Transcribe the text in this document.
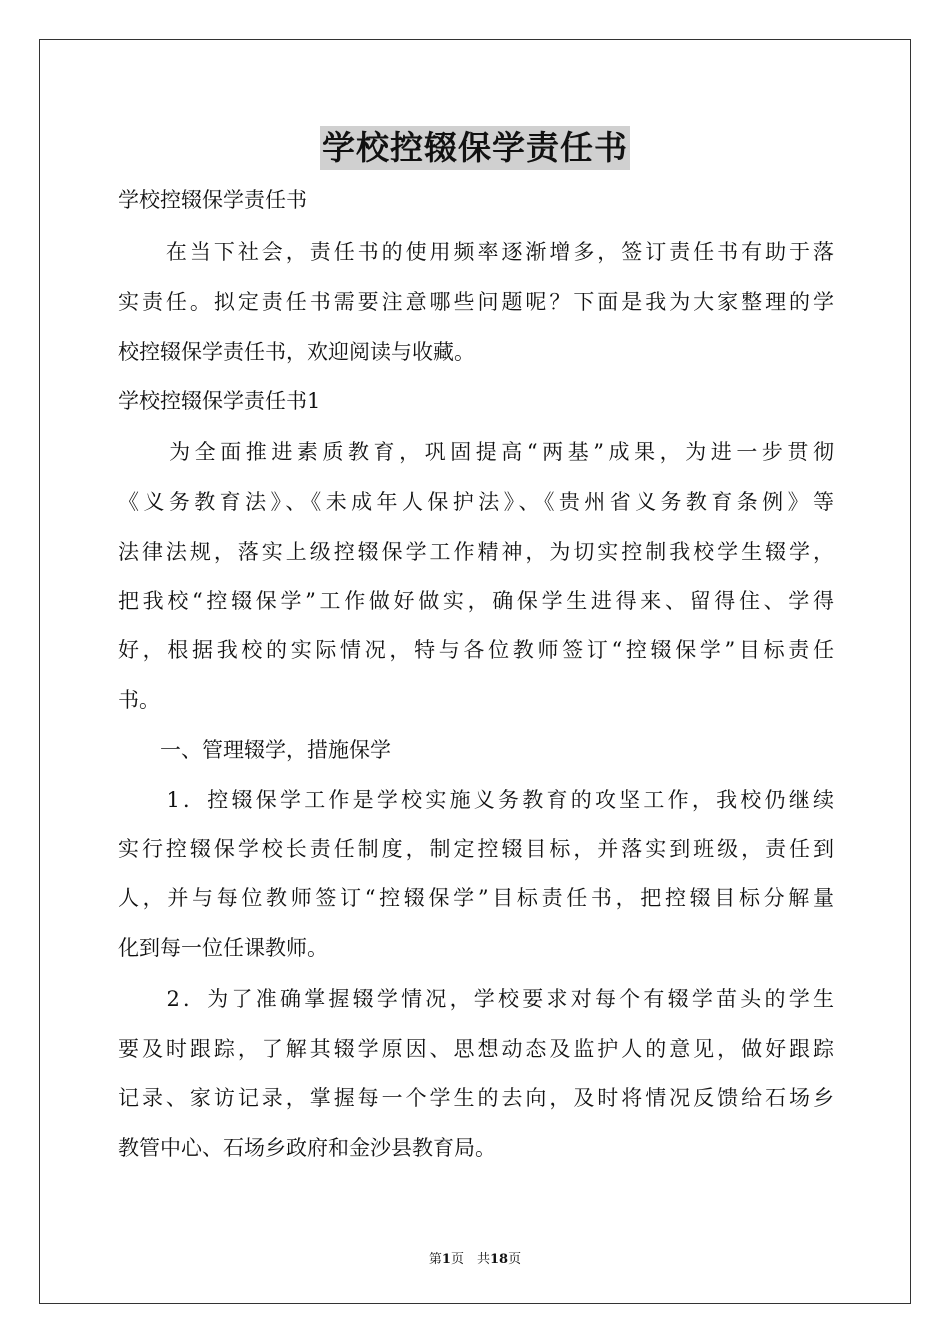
学校控辍保学责任书
学校控辍保学责任书
　　在当下社会，责任书的使用频率逐渐增多，签订责任书有助于落
实责任。拟定责任书需要注意哪些问题呢？下面是我为大家整理的学
校控辍保学责任书，欢迎阅读与收藏。
学校控辍保学责任书1
　　为全面推进素质教育，巩固提高“两基”成果，为进一步贯彻
《义务教育法》、《未成年人保护法》、《贵州省义务教育条例》等
法律法规，落实上级控辍保学工作精神，为切实控制我校学生辍学，
把我校“控辍保学”工作做好做实，确保学生进得来、留得住、学得
好，根据我校的实际情况，特与各位教师签订“控辍保学”目标责任
书。
　　一、管理辍学，措施保学
　　1．控辍保学工作是学校实施义务教育的攻坚工作，我校仍继续
实行控辍保学校长责任制度，制定控辍目标，并落实到班级，责任到
人，并与每位教师签订“控辍保学”目标责任书，把控辍目标分解量
化到每一位任课教师。
　　2．为了准确掌握辍学情况，学校要求对每个有辍学苗头的学生
要及时跟踪，了解其辍学原因、思想动态及监护人的意见，做好跟踪
记录、家访记录，掌握每一个学生的去向，及时将情况反馈给石场乡
教管中心、石场乡政府和金沙县教育局。
第1页　共18页
